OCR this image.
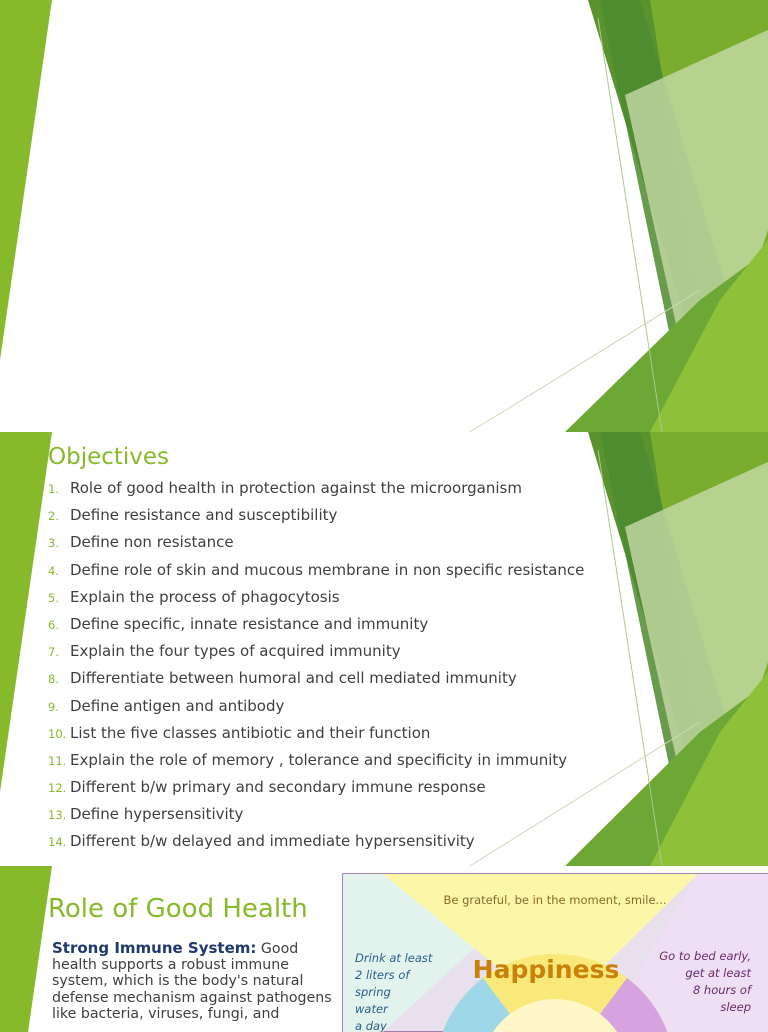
Objectives
1. Role of good health in protection against the microorganism
2. Define resistance and susceptibility
3. Define non resistance
4. Define role of skin and mucous membrane in non specific resistance
5. Explain the process of phagocytosis
6. Define specific, innate resistance and immunity
7. Explain the four types of acquired immunity
8. Differentiate between humoral and cell mediated immunity
9. Define antigen and antibody
10. List the five classes antibiotic and their function
11. Explain the role of memory , tolerance and specificity in immunity
12. Different b/w primary and secondary immune response
13. Define hypersensitivity
14. Different b/w delayed and immediate hypersensitivity
Role of Good Health
▶ Strong Immune System: Good
health supports a robust immune
system, which is the body's natural
defense mechanism against pathogens
like bacteria, viruses, fungi, and
Be grateful, be in the moment, smile...
Happiness
Drink at least
2 liters of
spring
water
a day
Go to bed early,
get at least
8 hours of
sleep
